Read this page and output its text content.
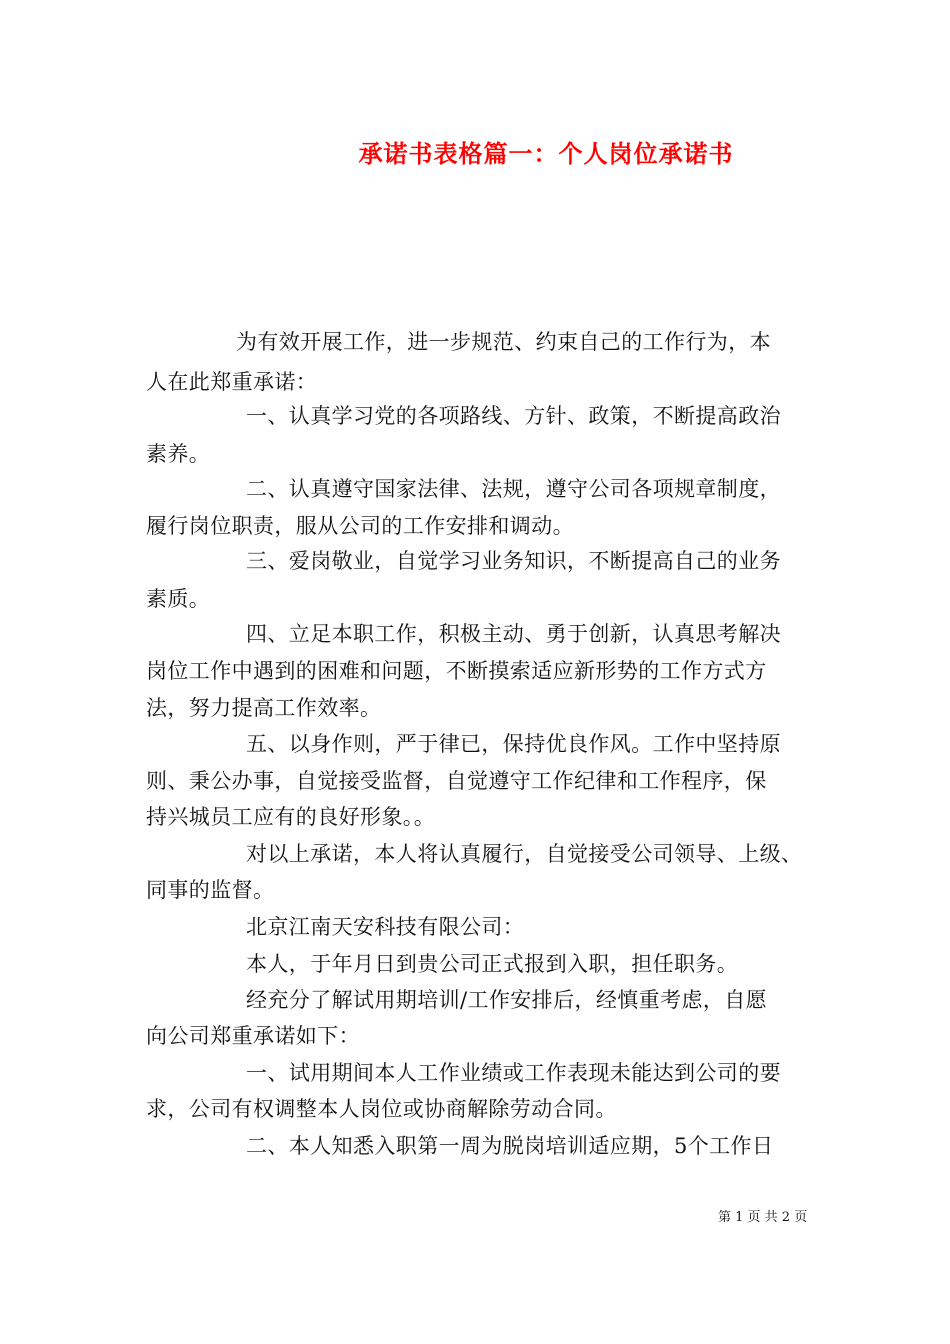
承诺书表格篇一：个人岗位承诺书
为有效开展工作，进一步规范、约束自己的工作行为，本
人在此郑重承诺：
一、认真学习党的各项路线、方针、政策，不断提高政治
素养。
二、认真遵守国家法律、法规，遵守公司各项规章制度，
履行岗位职责，服从公司的工作安排和调动。
三、爱岗敬业，自觉学习业务知识，不断提高自己的业务
素质。
四、立足本职工作，积极主动、勇于创新，认真思考解决
岗位工作中遇到的困难和问题，不断摸索适应新形势的工作方式方
法，努力提高工作效率。
五、以身作则，严于律已，保持优良作风。工作中坚持原
则、秉公办事，自觉接受监督，自觉遵守工作纪律和工作程序，保
持兴城员工应有的良好形象。。
对以上承诺，本人将认真履行，自觉接受公司领导、上级、
同事的监督。
北京江南天安科技有限公司：
本人，于年月日到贵公司正式报到入职，担任职务。
经充分了解试用期培训/工作安排后，经慎重考虑，自愿
向公司郑重承诺如下：
一、试用期间本人工作业绩或工作表现未能达到公司的要
求，公司有权调整本人岗位或协商解除劳动合同。
二、本人知悉入职第一周为脱岗培训适应期，5个工作日
第 1 页 共 2 页
